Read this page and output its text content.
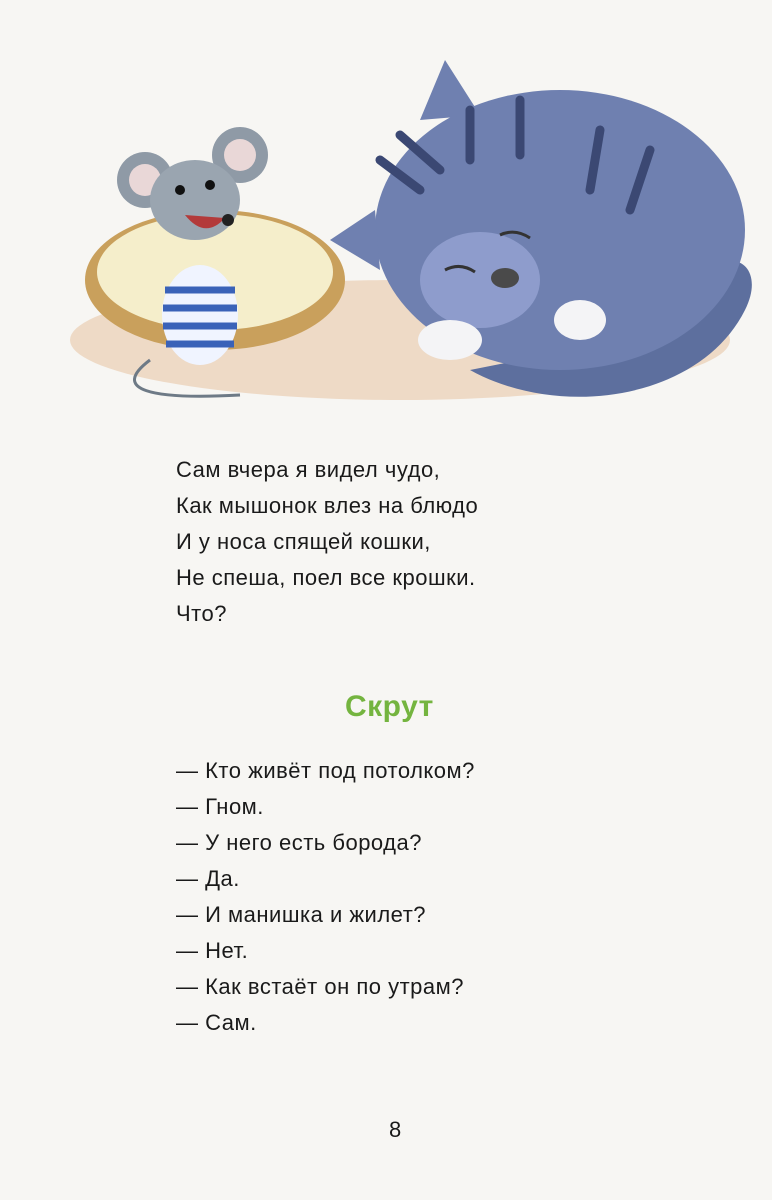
Сам вчера я видел чудо,
Как мышонок влез на блюдо
И у носа спящей кошки,
Не спеша, поел все крошки.
Что?
Скрут
— Кто живёт под потолком?
— Гном.
— У него есть борода?
— Да.
— И манишка и жилет?
— Нет.
— Как встаёт он по утрам?
— Сам.
8
